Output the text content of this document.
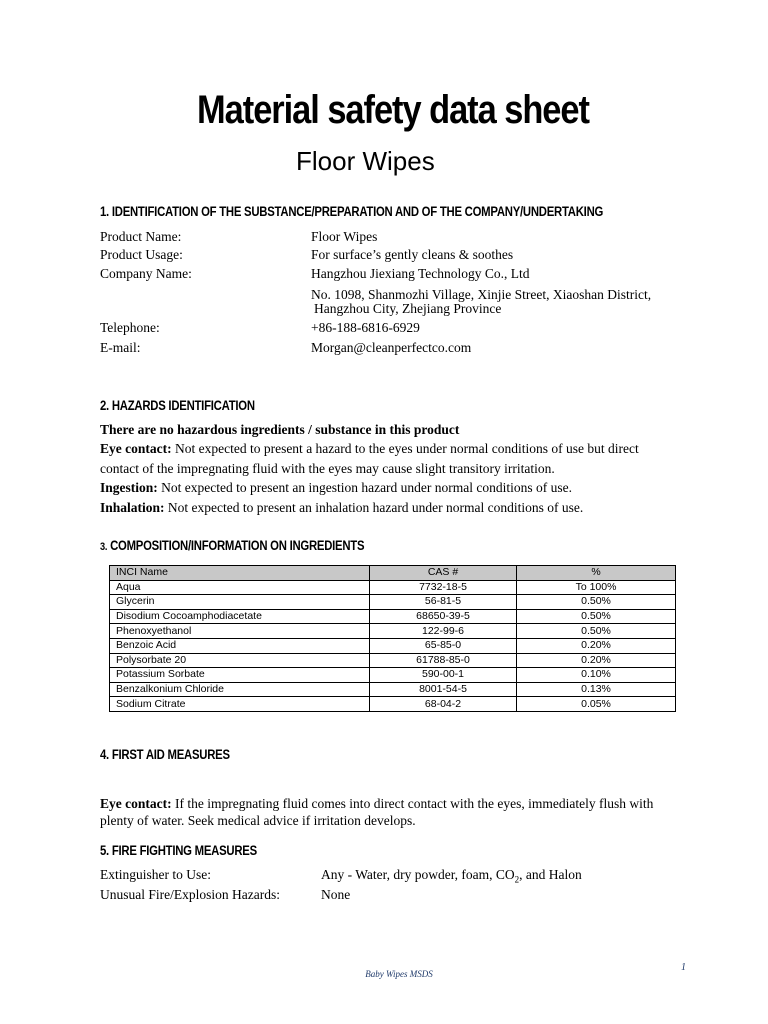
Material safety data sheet
Floor Wipes
1. IDENTIFICATION OF THE SUBSTANCE/PREPARATION AND OF THE COMPANY/UNDERTAKING
Product Name:	Floor Wipes
Product Usage:	For surface’s gently cleans & soothes
Company Name:	Hangzhou Jiexiang Technology Co., Ltd
No. 1098, Shanmozhi Village, Xinjie Street, Xiaoshan District,
Hangzhou City, Zhejiang Province
Telephone:	+86-188-6816-6929
E-mail:	Morgan@cleanperfectco.com
2. HAZARDS IDENTIFICATION
There are no hazardous ingredients / substance in this product
Eye contact: Not expected to present a hazard to the eyes under normal conditions of use but direct
contact of the impregnating fluid with the eyes may cause slight transitory irritation.
Ingestion: Not expected to present an ingestion hazard under normal conditions of use.
Inhalation: Not expected to present an inhalation hazard under normal conditions of use.
3. COMPOSITION/INFORMATION ON INGREDIENTS
INCI Name	CAS #	%
Aqua	7732-18-5	To 100%
Glycerin	56-81-5	0.50%
Disodium Cocoamphodiacetate	68650-39-5	0.50%
Phenoxyethanol	122-99-6	0.50%
Benzoic Acid	65-85-0	0.20%
Polysorbate 20	61788-85-0	0.20%
Potassium Sorbate	590-00-1	0.10%
Benzalkonium Chloride	8001-54-5	0.13%
Sodium Citrate	68-04-2	0.05%
4. FIRST AID MEASURES
Eye contact: If the impregnating fluid comes into direct contact with the eyes, immediately flush with
plenty of water. Seek medical advice if irritation develops.
5. FIRE FIGHTING MEASURES
Extinguisher to Use:	Any - Water, dry powder, foam, $CO_2$, and Halon
Unusual Fire/Explosion Hazards:	None
Baby Wipes MSDS
1
